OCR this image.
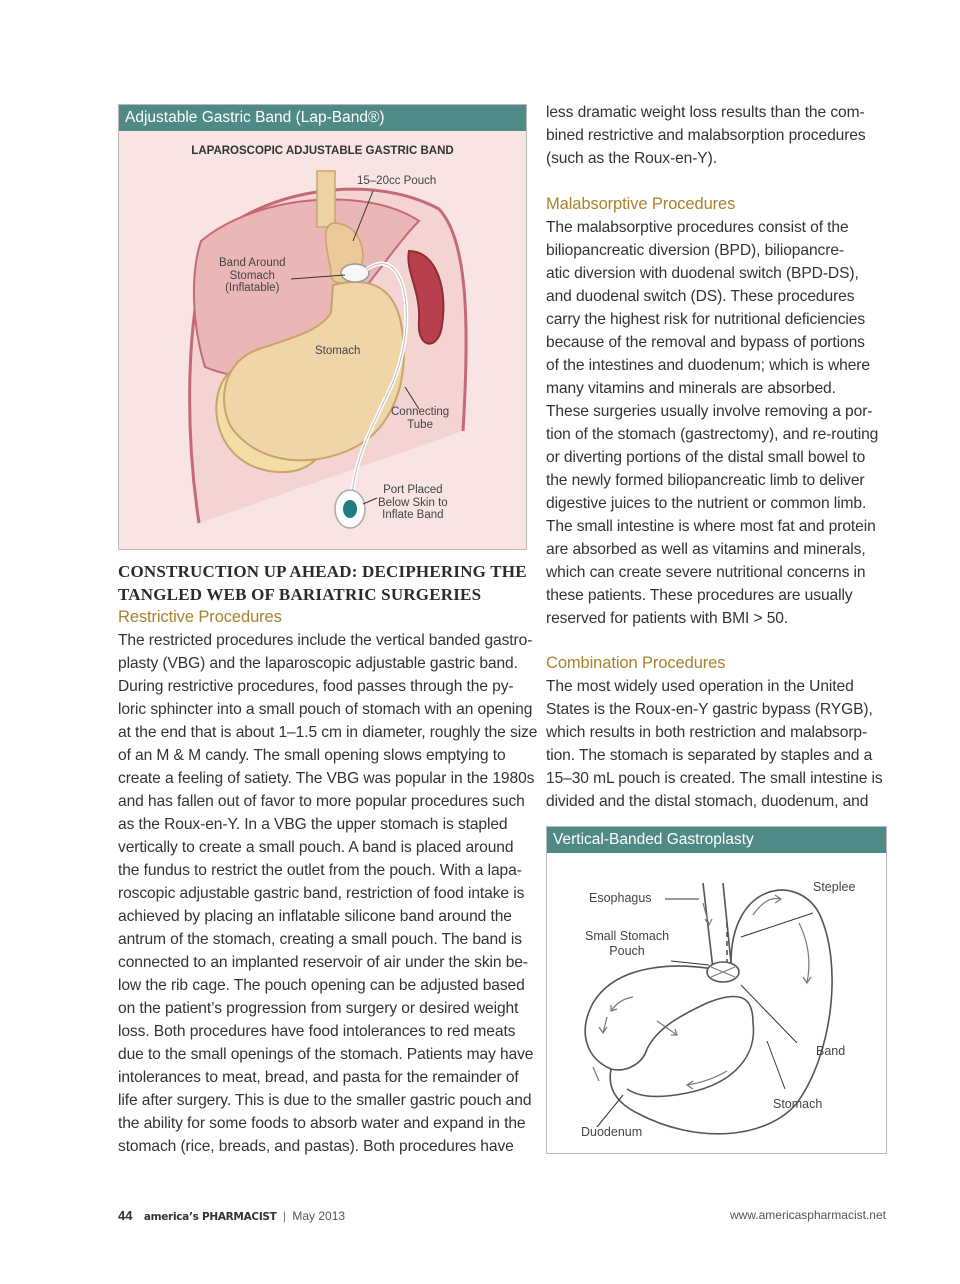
Adjustable Gastric Band (Lap-Band®)
LAPAROSCOPIC ADJUSTABLE GASTRIC BAND
15–20cc Pouch
Band Around
Stomach
(Inflatable)
Stomach
Connecting
Tube
Port Placed
Below Skin to
Inflate Band
CONSTRUCTION UP AHEAD: DECIPHERING THE
TANGLED WEB OF BARIATRIC SURGERIES
Restrictive Procedures
The restricted procedures include the vertical banded gastro-
plasty (VBG) and the laparoscopic adjustable gastric band.
During restrictive procedures, food passes through the py-
loric sphincter into a small pouch of stomach with an opening
at the end that is about 1–1.5 cm in diameter, roughly the size
of an M & M candy. The small opening slows emptying to
create a feeling of satiety. The VBG was popular in the 1980s
and has fallen out of favor to more popular procedures such
as the Roux-en-Y. In a VBG the upper stomach is stapled
vertically to create a small pouch. A band is placed around
the fundus to restrict the outlet from the pouch. With a lapa-
roscopic adjustable gastric band, restriction of food intake is
achieved by placing an inflatable silicone band around the
antrum of the stomach, creating a small pouch. The band is
connected to an implanted reservoir of air under the skin be-
low the rib cage. The pouch opening can be adjusted based
on the patient’s progression from surgery or desired weight
loss. Both procedures have food intolerances to red meats
due to the small openings of the stomach. Patients may have
intolerances to meat, bread, and pasta for the remainder of
life after surgery. This is due to the smaller gastric pouch and
the ability for some foods to absorb water and expand in the
stomach (rice, breads, and pastas). Both procedures have
less dramatic weight loss results than the com-
bined restrictive and malabsorption procedures
(such as the Roux-en-Y).
Malabsorptive Procedures
The malabsorptive procedures consist of the
biliopancreatic diversion (BPD), biliopancre-
atic diversion with duodenal switch (BPD-DS),
and duodenal switch (DS). These procedures
carry the highest risk for nutritional deficiencies
because of the removal and bypass of portions
of the intestines and duodenum; which is where
many vitamins and minerals are absorbed.
These surgeries usually involve removing a por-
tion of the stomach (gastrectomy), and re-routing
or diverting portions of the distal small bowel to
the newly formed biliopancreatic limb to deliver
digestive juices to the nutrient or common limb.
The small intestine is where most fat and protein
are absorbed as well as vitamins and minerals,
which can create severe nutritional concerns in
these patients. These procedures are usually
reserved for patients with BMI > 50.
Combination Procedures
The most widely used operation in the United
States is the Roux-en-Y gastric bypass (RYGB),
which results in both restriction and malabsorp-
tion. The stomach is separated by staples and a
15–30 mL pouch is created. The small intestine is
divided and the distal stomach, duodenum, and
Vertical-Banded Gastroplasty
Esophagus
Steplee
Small Stomach
Pouch
Band
Stomach
Duodenum
44 america’s PHARMACIST | May 2013	www.americaspharmacist.net
